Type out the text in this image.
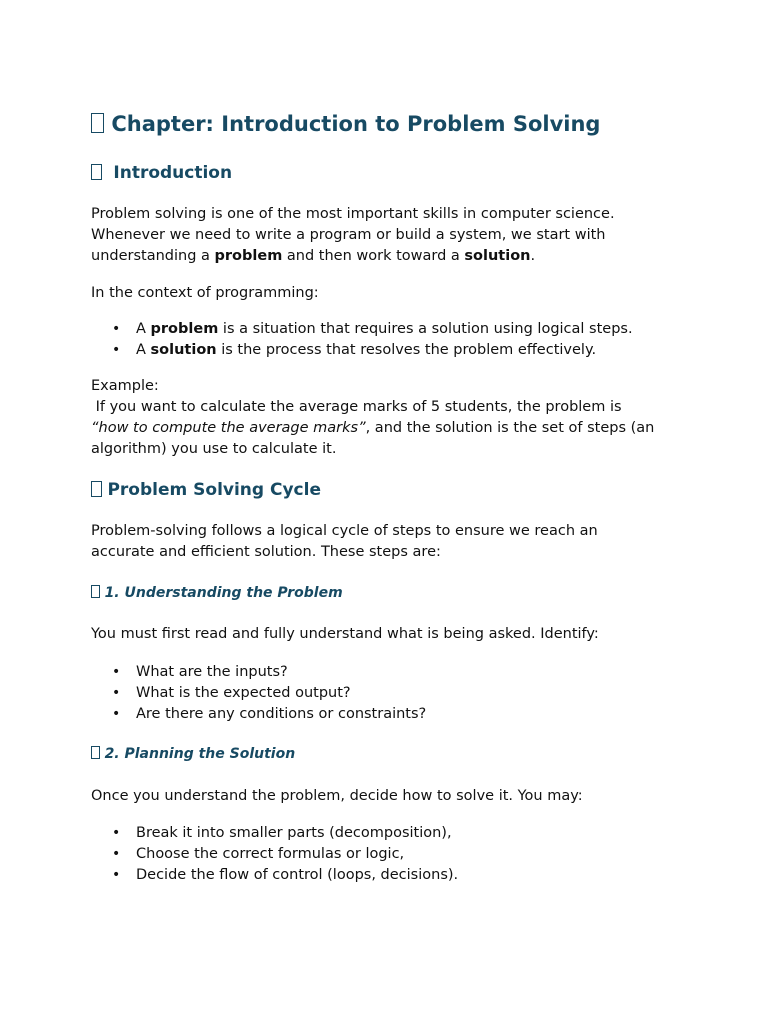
Chapter: Introduction to Problem Solving
Introduction
Problem solving is one of the most important skills in computer science.
Whenever we need to write a program or build a system, we start with
understanding a problem and then work toward a solution.
In the context of programming:
• A problem is a situation that requires a solution using logical steps.
• A solution is the process that resolves the problem effectively.
Example:
If you want to calculate the average marks of 5 students, the problem is
“how to compute the average marks”, and the solution is the set of steps (an
algorithm) you use to calculate it.
Problem Solving Cycle
Problem-solving follows a logical cycle of steps to ensure we reach an
accurate and efficient solution. These steps are:
1. Understanding the Problem
You must first read and fully understand what is being asked. Identify:
• What are the inputs?
• What is the expected output?
• Are there any conditions or constraints?
2. Planning the Solution
Once you understand the problem, decide how to solve it. You may:
• Break it into smaller parts (decomposition),
• Choose the correct formulas or logic,
• Decide the flow of control (loops, decisions).
